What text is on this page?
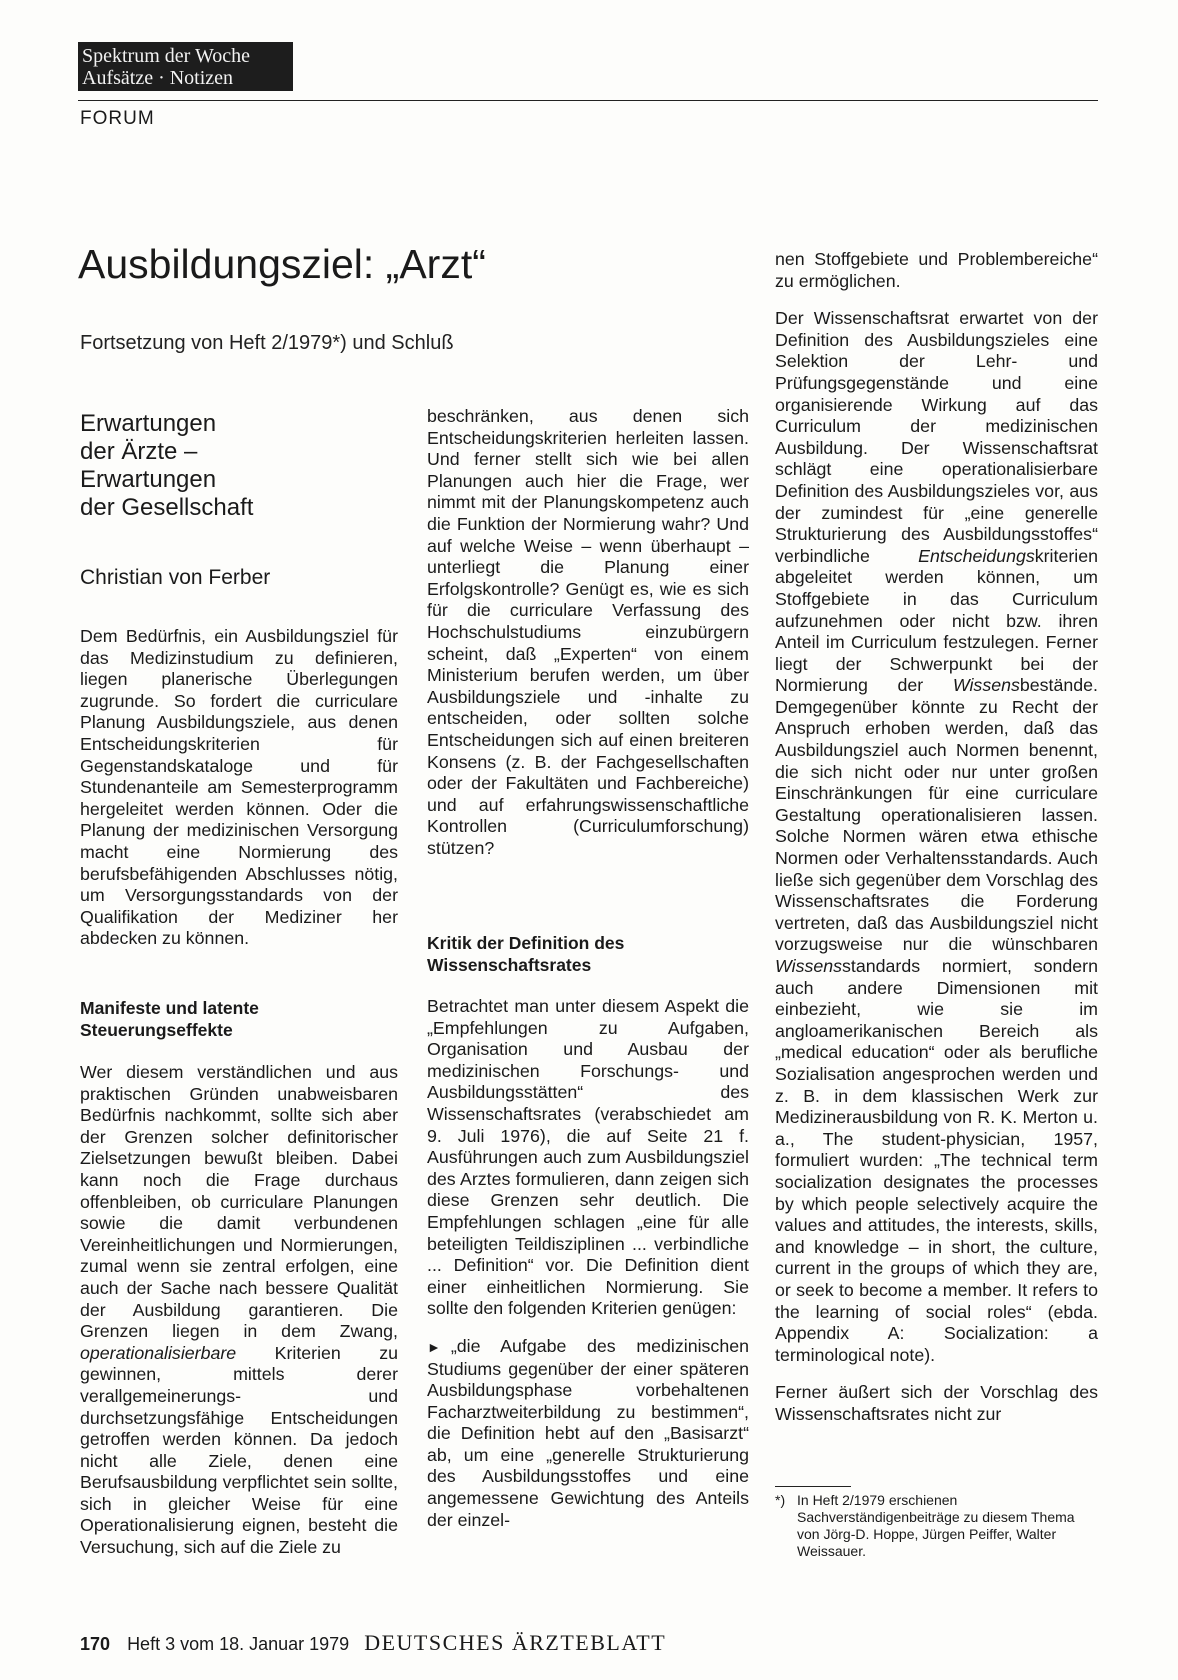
Spektrum der Woche
Aufsätze · Notizen
FORUM
Ausbildungsziel: „Arzt“
Fortsetzung von Heft 2/1979*) und Schluß
Erwartungen
der Ärzte –
Erwartungen
der Gesellschaft
Christian von Ferber

Dem Bedürfnis, ein Ausbildungsziel für das Medizinstudium zu definieren, liegen planerische Überlegungen zugrunde. So fordert die curriculare Planung Ausbildungsziele, aus denen Entscheidungskriterien für Gegenstandskataloge und für Stundenanteile am Semesterprogramm hergeleitet werden können. Oder die Planung der medizinischen Versorgung macht eine Normierung des berufsbefähigenden Abschlusses nötig, um Versorgungsstandards von der Qualifikation der Mediziner her abdecken zu können.

Manifeste und latente Steuerungseffekte

Wer diesem verständlichen und aus praktischen Gründen unabweisbaren Bedürfnis nachkommt, sollte sich aber der Grenzen solcher definitorischer Zielsetzungen bewußt bleiben. Dabei kann noch die Frage durchaus offenbleiben, ob curriculare Planungen sowie die damit verbundenen Vereinheitlichungen und Normierungen, zumal wenn sie zentral erfolgen, eine auch der Sache nach bessere Qualität der Ausbildung garantieren. Die Grenzen liegen in dem Zwang, operationalisierbare Kriterien zu gewinnen, mittels derer verallgemeinerungs- und durchsetzungsfähige Entscheidungen getroffen werden können. Da jedoch nicht alle Ziele, denen eine Berufsausbildung verpflichtet sein sollte, sich in gleicher Weise für eine Operationalisierung eignen, besteht die Versuchung, sich auf die Ziele zu

beschränken, aus denen sich Entscheidungskriterien herleiten lassen. Und ferner stellt sich wie bei allen Planungen auch hier die Frage, wer nimmt mit der Planungskompetenz auch die Funktion der Normierung wahr? Und auf welche Weise – wenn überhaupt – unterliegt die Planung einer Erfolgskontrolle? Genügt es, wie es sich für die curriculare Verfassung des Hochschulstudiums einzubürgern scheint, daß „Experten“ von einem Ministerium berufen werden, um über Ausbildungsziele und -inhalte zu entscheiden, oder sollten solche Entscheidungen sich auf einen breiteren Konsens (z. B. der Fachgesellschaften oder der Fakultäten und Fachbereiche) und auf erfahrungswissenschaftliche Kontrollen (Curriculumforschung) stützen?

Kritik der Definition des Wissenschaftsrates

Betrachtet man unter diesem Aspekt die „Empfehlungen zu Aufgaben, Organisation und Ausbau der medizinischen Forschungs- und Ausbildungsstätten“ des Wissenschaftsrates (verabschiedet am 9. Juli 1976), die auf Seite 21 f. Ausführungen auch zum Ausbildungsziel des Arztes formulieren, dann zeigen sich diese Grenzen sehr deutlich. Die Empfehlungen schlagen „eine für alle beteiligten Teildisziplinen ... verbindliche ... Definition“ vor. Die Definition dient einer einheitlichen Normierung. Sie sollte den folgenden Kriterien genügen:

► „die Aufgabe des medizinischen Studiums gegenüber der einer späteren Ausbildungsphase vorbehaltenen Facharztweiterbildung zu bestimmen“, die Definition hebt auf den „Basisarzt“ ab, um eine „generelle Strukturierung des Ausbildungsstoffes und eine angemessene Gewichtung des Anteils der einzel-

nen Stoffgebiete und Problembereiche“ zu ermöglichen.

Der Wissenschaftsrat erwartet von der Definition des Ausbildungszieles eine Selektion der Lehr- und Prüfungsgegenstände und eine organisierende Wirkung auf das Curriculum der medizinischen Ausbildung. Der Wissenschaftsrat schlägt eine operationalisierbare Definition des Ausbildungszieles vor, aus der zumindest für „eine generelle Strukturierung des Ausbildungsstoffes“ verbindliche	Entscheidungskriterien abgeleitet werden können, um Stoffgebiete in das Curriculum aufzunehmen oder nicht bzw. ihren Anteil im Curriculum festzulegen. Ferner liegt der Schwerpunkt bei der Normierung der Wissensbestände. Demgegenüber könnte zu Recht der Anspruch erhoben werden, daß das Ausbildungsziel auch Normen benennt, die sich nicht oder nur unter großen Einschränkungen für eine curriculare Gestaltung operationalisieren lassen. Solche Normen wären etwa ethische Normen oder Verhaltensstandards. Auch ließe sich gegenüber dem Vorschlag des Wissenschaftsrates die Forderung vertreten, daß das Ausbildungsziel nicht vorzugsweise nur die wünschbaren Wissensstandards normiert, sondern auch andere Dimensionen mit einbezieht, wie sie im angloamerikanischen Bereich als „medical education“ oder als berufliche Sozialisation angesprochen werden und z. B. in dem klassischen Werk zur Medizinerausbildung von R. K. Merton u. a., The student-physician, 1957, formuliert wurden: „The technical term socialization designates the processes by which people selectively acquire the values and attitudes, the interests, skills, and knowledge – in short, the culture, current in the groups of which they are, or seek to become a member. It refers to the learning of social roles“ (ebda. Appendix A: Socialization: a terminological note).

Ferner äußert sich der Vorschlag des Wissenschaftsrates nicht zur

*) In Heft 2/1979 erschienen Sachverständigenbeiträge zu diesem Thema von Jörg-D. Hoppe, Jürgen Peiffer, Walter Weissauer.
170 Heft 3 vom 18. Januar 1979 DEUTSCHES ÄRZTEBLATT
